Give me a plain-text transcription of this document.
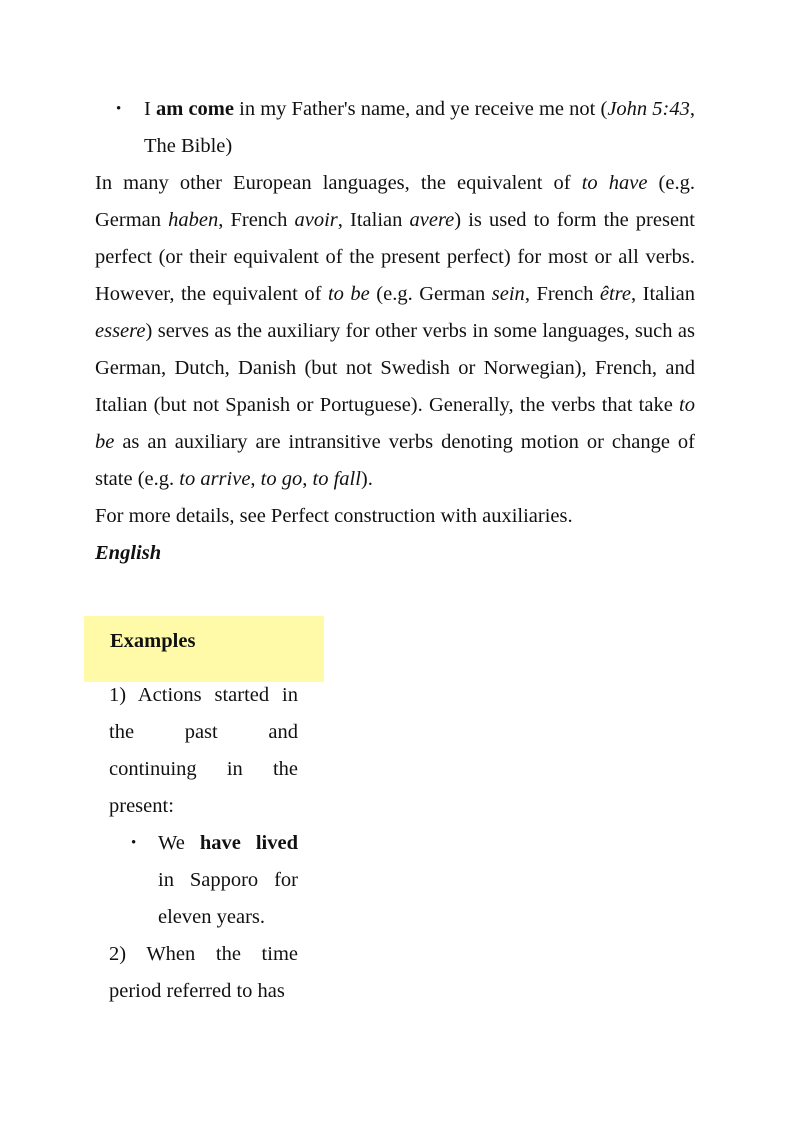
• I am come in my Father's name, and ye receive me not (John 5:43, The Bible)

In many other European languages, the equivalent of to have (e.g. German haben, French avoir, Italian avere) is used to form the present perfect (or their equivalent of the present perfect) for most or all verbs. However, the equivalent of to be (e.g. German sein, French être, Italian essere) serves as the auxiliary for other verbs in some languages, such as German, Dutch, Danish (but not Swedish or Norwegian), French, and Italian (but not Spanish or Portuguese). Generally, the verbs that take to be as an auxiliary are intransitive verbs denoting motion or change of state (e.g. to arrive, to go, to fall).

For more details, see Perfect construction with auxiliaries.

English
Examples

1) Actions started in the past and continuing in the present:

• We have lived in Sapporo for eleven years.

2) When the time period referred to has
